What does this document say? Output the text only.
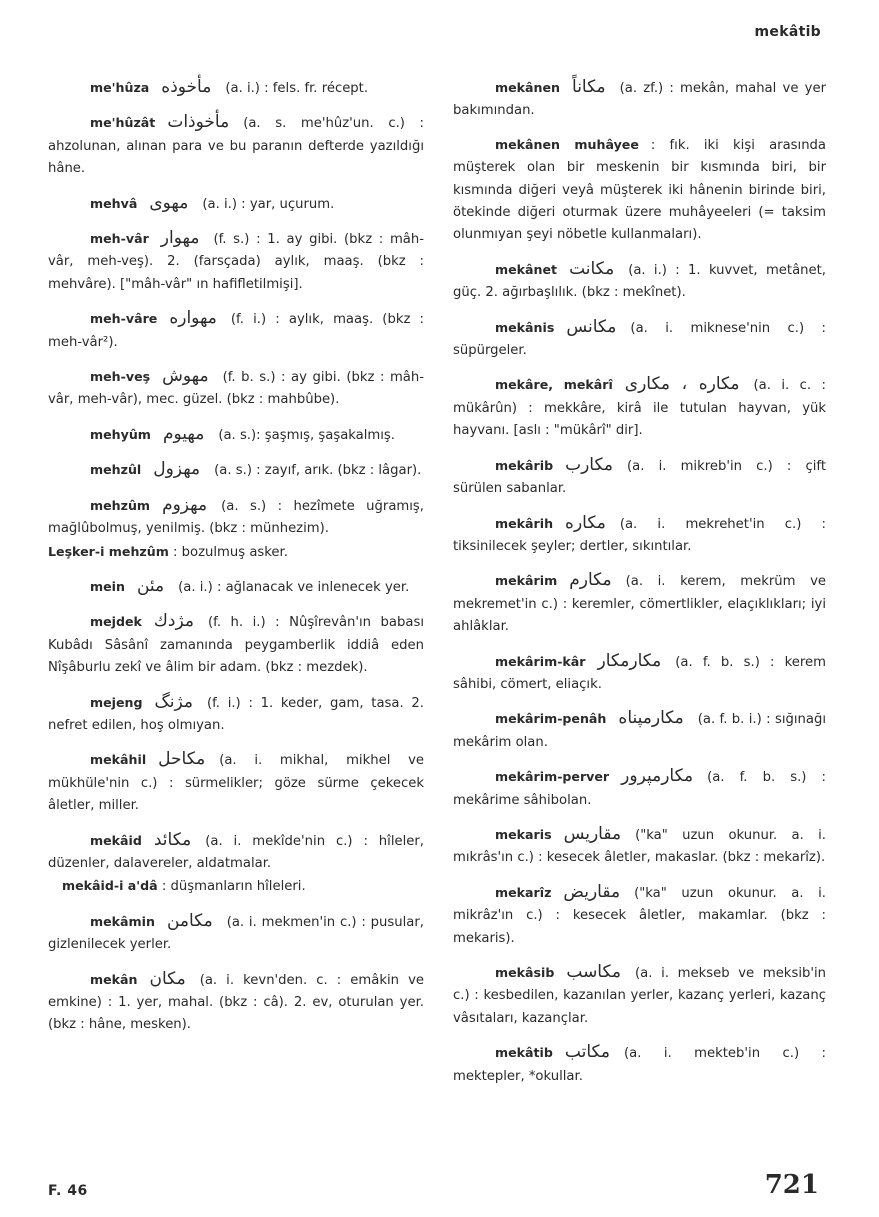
mekâtib
me'hûza مأخوذه (a. i.) : fels. fr. récept.
me'hûzât مأخوذات (a. s. me'hûz'un. c.) : ahzolunan, alınan para ve bu paranın defterde yazıldığı hâne.
mehvâ مهوی (a. i.) : yar, uçurum.
meh-vâr مهوار (f. s.) : 1. ay gibi. (bkz : mâh-vâr, meh-veş). 2. (farsçada) aylık, maaş. (bkz : mehvâre). ["mâh-vâr" ın hafifletilmişi].
meh-vâre مهواره (f. i.) : aylık, maaş. (bkz : meh-vâr²).
meh-veş مهوش (f. b. s.) : ay gibi. (bkz : mâh-vâr, meh-vâr), mec. güzel. (bkz : mahbûbe).
mehyûm مهيوم (a. s.): şaşmış, şaşakalmış.
mehzûl مهزول (a. s.) : zayıf, arık. (bkz : lâgar).
mehzûm مهزوم (a. s.) : hezîmete uğramış, mağlûbolmuş, yenilmiş. (bkz : münhezim).
Leşker-i mehzûm : bozulmuş asker.
mein مئن (a. i.) : ağlanacak ve inlenecek yer.
mejdek مژدك (f. h. i.) : Nûşîrevân'ın babası Kubâdı Sâsânî zamanında peygamberlik iddiâ eden Nîşâburlu zekî ve âlim bir adam. (bkz : mezdek).
mejeng مژنگ (f. i.) : 1. keder, gam, tasa. 2. nefret edilen, hoş olmıyan.
mekâhil مكاحل (a. i. mikhal, mikhel ve mükhüle'nin c.) : sürmelikler; göze sürme çekecek âletler, miller.
mekâid مكائد (a. i. mekîde'nin c.) : hîleler, düzenler, dalavereler, aldatmalar.
mekâid-i a'dâ : düşmanların hîleleri.
mekâmin مكامن (a. i. mekmen'in c.) : pusular, gizlenilecek yerler.
mekân مكان (a. i. kevn'den. c. : emâkin ve emkine) : 1. yer, mahal. (bkz : câ). 2. ev, oturulan yer. (bkz : hâne, mesken).
mekânen مكاناً (a. zf.) : mekân, mahal ve yer bakımından.
mekânen muhâyee : fık. iki kişi arasında müşterek olan bir meskenin bir kısmında biri, bir kısmında diğeri veyâ müşterek iki hânenin birinde biri, ötekinde diğeri oturmak üzere muhâyeeleri (= taksim olunmıyan şeyi nöbetle kullanmaları).
mekânet مكانت (a. i.) : 1. kuvvet, metânet, güç. 2. ağırbaşlılık. (bkz : mekînet).
mekânis مكانس (a. i. miknese'nin c.) : süpürgeler.
mekâre, mekârî مكاره ، مكاری (a. i. c. : mükârûn) : mekkâre, kirâ ile tutulan hayvan, yük hayvanı. [aslı : "mükârî" dir].
mekârib مكارب (a. i. mikreb'in c.) : çift sürülen sabanlar.
mekârih مكاره (a. i. mekrehet'in c.) : tiksinilecek şeyler; dertler, sıkıntılar.
mekârim مكارم (a. i. kerem, mekrüm ve mekremet'in c.) : keremler, cömertlikler, elaçıklıkları; iyi ahlâklar.
mekârim-kâr مكارمكار (a. f. b. s.) : kerem sâhibi, cömert, eliaçık.
mekârim-penâh مكارمپناه (a. f. b. i.) : sığınağı mekârim olan.
mekârim-perver مكارمپرور (a. f. b. s.) : mekârime sâhibolan.
mekaris مقاريس ("ka" uzun okunur. a. i. mıkrâs'ın c.) : kesecek âletler, makaslar. (bkz : mekarîz).
mekarîz مقاريض ("ka" uzun okunur. a. i. mikrâz'ın c.) : kesecek âletler, makamlar. (bkz : mekaris).
mekâsib مكاسب (a. i. mekseb ve meksib'in c.) : kesbedilen, kazanılan yerler, kazanç yerleri, kazanç vâsıtaları, kazançlar.
mekâtib مكاتب (a. i. mekteb'in c.) : mektepler, *okullar.
F. 46	721
